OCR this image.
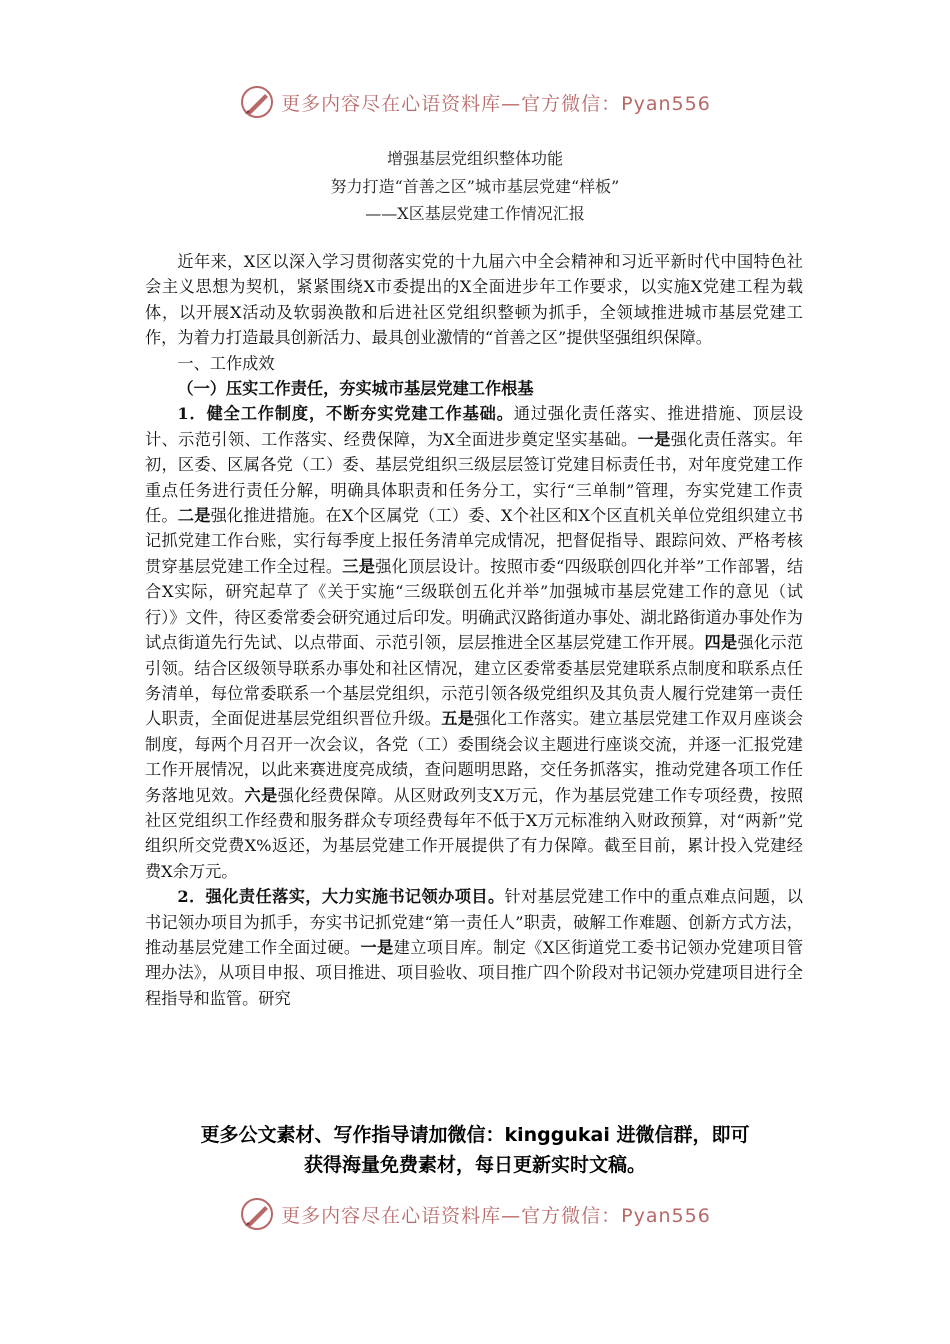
更多内容尽在心语资料库—官方微信：Pyan556
增强基层党组织整体功能
努力打造“首善之区”城市基层党建“样板”
——X区基层党建工作情况汇报

近年来，X区以深入学习贯彻落实党的十九届六中全会精神和习近平新时代中国特色社会主义思想为契机，紧紧围绕X市委提出的X全面进步年工作要求，以实施X党建工程为载体，以开展X活动及软弱涣散和后进社区党组织整顿为抓手，全领域推进城市基层党建工作，为着力打造最具创新活力、最具创业激情的“首善之区”提供坚强组织保障。

一、工作成效

（一）压实工作责任，夯实城市基层党建工作根基

1．健全工作制度，不断夯实党建工作基础。通过强化责任落实、推进措施、顶层设计、示范引领、工作落实、经费保障，为X全面进步奠定坚实基础。一是强化责任落实。年初，区委、区属各党（工）委、基层党组织三级层层签订党建目标责任书，对年度党建工作重点任务进行责任分解，明确具体职责和任务分工，实行“三单制”管理，夯实党建工作责任。二是强化推进措施。在X个区属党（工）委、X个社区和X个区直机关单位党组织建立书记抓党建工作台账，实行每季度上报任务清单完成情况，把督促指导、跟踪问效、严格考核贯穿基层党建工作全过程。三是强化顶层设计。按照市委“四级联创四化并举”工作部署，结合X实际，研究起草了《关于实施“三级联创五化并举”加强城市基层党建工作的意见（试行）》文件，待区委常委会研究通过后印发。明确武汉路街道办事处、湖北路街道办事处作为试点街道先行先试、以点带面、示范引领，层层推进全区基层党建工作开展。四是强化示范引领。结合区级领导联系办事处和社区情况，建立区委常委基层党建联系点制度和联系点任务清单，每位常委联系一个基层党组织，示范引领各级党组织及其负责人履行党建第一责任人职责，全面促进基层党组织晋位升级。五是强化工作落实。建立基层党建工作双月座谈会制度，每两个月召开一次会议，各党（工）委围绕会议主题进行座谈交流，并逐一汇报党建工作开展情况，以此来赛进度亮成绩，查问题明思路，交任务抓落实，推动党建各项工作任务落地见效。六是强化经费保障。从区财政列支X万元，作为基层党建工作专项经费，按照社区党组织工作经费和服务群众专项经费每年不低于X万元标准纳入财政预算，对“两新”党组织所交党费X%返还，为基层党建工作开展提供了有力保障。截至目前，累计投入党建经费X余万元。

2．强化责任落实，大力实施书记领办项目。针对基层党建工作中的重点难点问题，以书记领办项目为抓手，夯实书记抓党建“第一责任人”职责，破解工作难题、创新方式方法，推动基层党建工作全面过硬。一是建立项目库。制定《X区街道党工委书记领办党建项目管理办法》，从项目申报、项目推进、项目验收、项目推广四个阶段对书记领办党建项目进行全程指导和监管。研究

更多公文素材、写作指导请加微信：kinggukai 进微信群，即可
获得海量免费素材，每日更新实时文稿。
更多内容尽在心语资料库—官方微信：Pyan556
